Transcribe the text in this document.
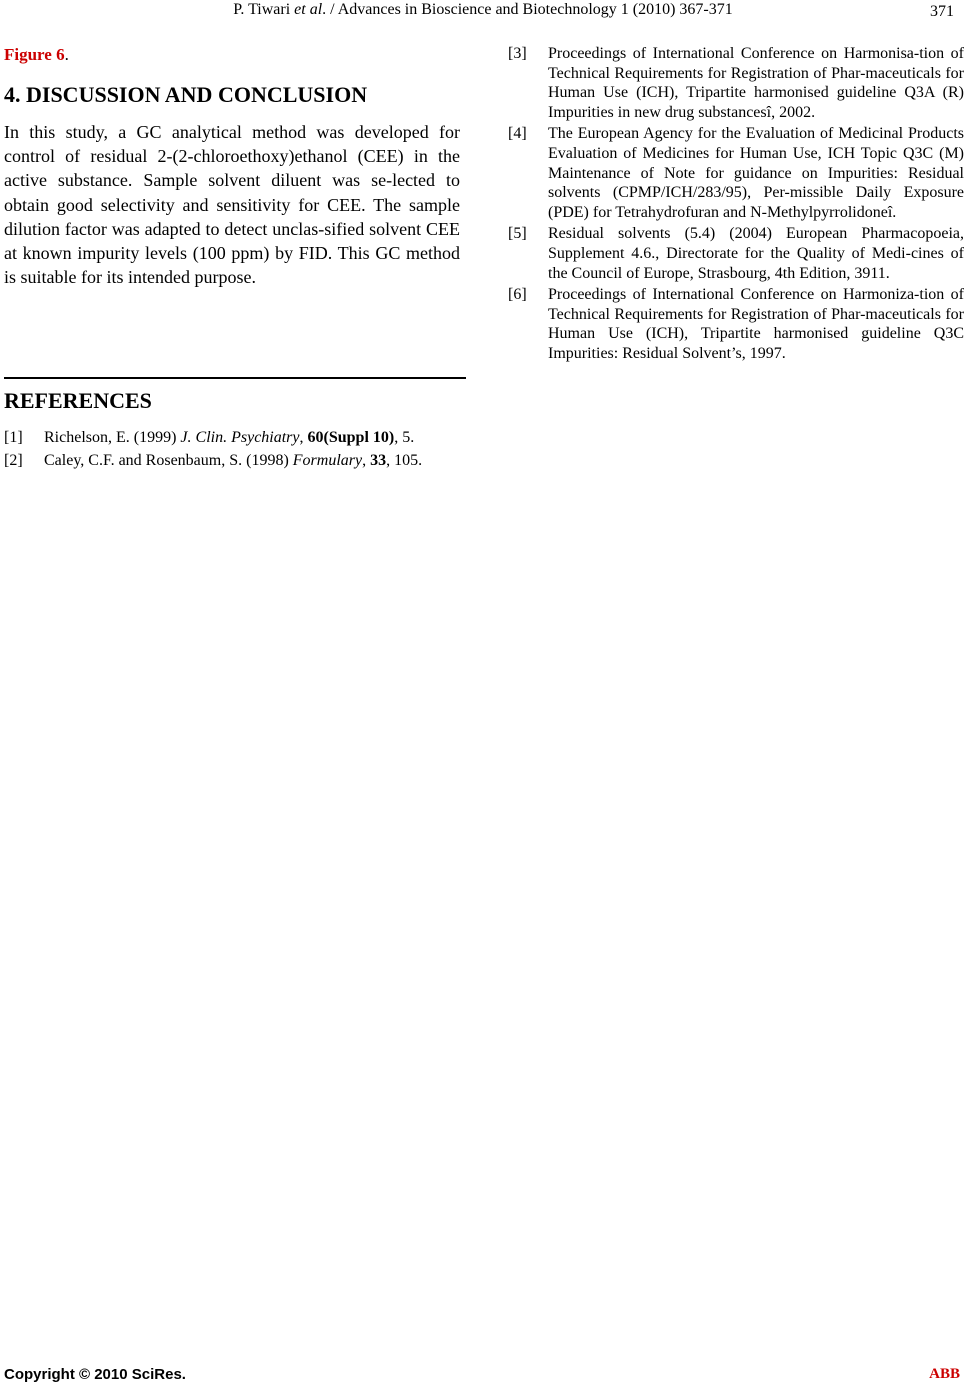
P. Tiwari et al. / Advances in Bioscience and Biotechnology 1 (2010) 367-371	371

Figure 6.

4. DISCUSSION AND CONCLUSION

In this study, a GC analytical method was developed for control of residual 2-(2-chloroethoxy)ethanol (CEE) in the active substance. Sample solvent diluent was se-lected to obtain good selectivity and sensitivity for CEE. The sample dilution factor was adapted to detect unclas-sified solvent CEE at known impurity levels (100 ppm) by FID. This GC method is suitable for its intended purpose.

REFERENCES
[1]	Richelson, E. (1999) J. Clin. Psychiatry, 60(Suppl 10), 5.
[2]	Caley, C.F. and Rosenbaum, S. (1998) Formulary, 33, 105.
[3]	Proceedings of International Conference on Harmonisa-tion of Technical Requirements for Registration of Phar-maceuticals for Human Use (ICH), Tripartite harmonised guideline Q3A (R) Impurities in new drug substancesî, 2002.
[4]	The European Agency for the Evaluation of Medicinal Products Evaluation of Medicines for Human Use, ICH Topic Q3C (M) Maintenance of Note for guidance on Impurities: Residual solvents (CPMP/ICH/283/95), Per-missible Daily Exposure (PDE) for Tetrahydrofuran and N-Methylpyrrolidoneî.
[5]	Residual solvents (5.4) (2004) European Pharmacopoeia, Supplement 4.6., Directorate for the Quality of Medi-cines of the Council of Europe, Strasbourg, 4th Edition, 3911.
[6]	Proceedings of International Conference on Harmoniza-tion of Technical Requirements for Registration of Phar-maceuticals for Human Use (ICH), Tripartite harmonised guideline Q3C Impurities: Residual Solvent’s, 1997.
Copyright © 2010 SciRes.	ABB
